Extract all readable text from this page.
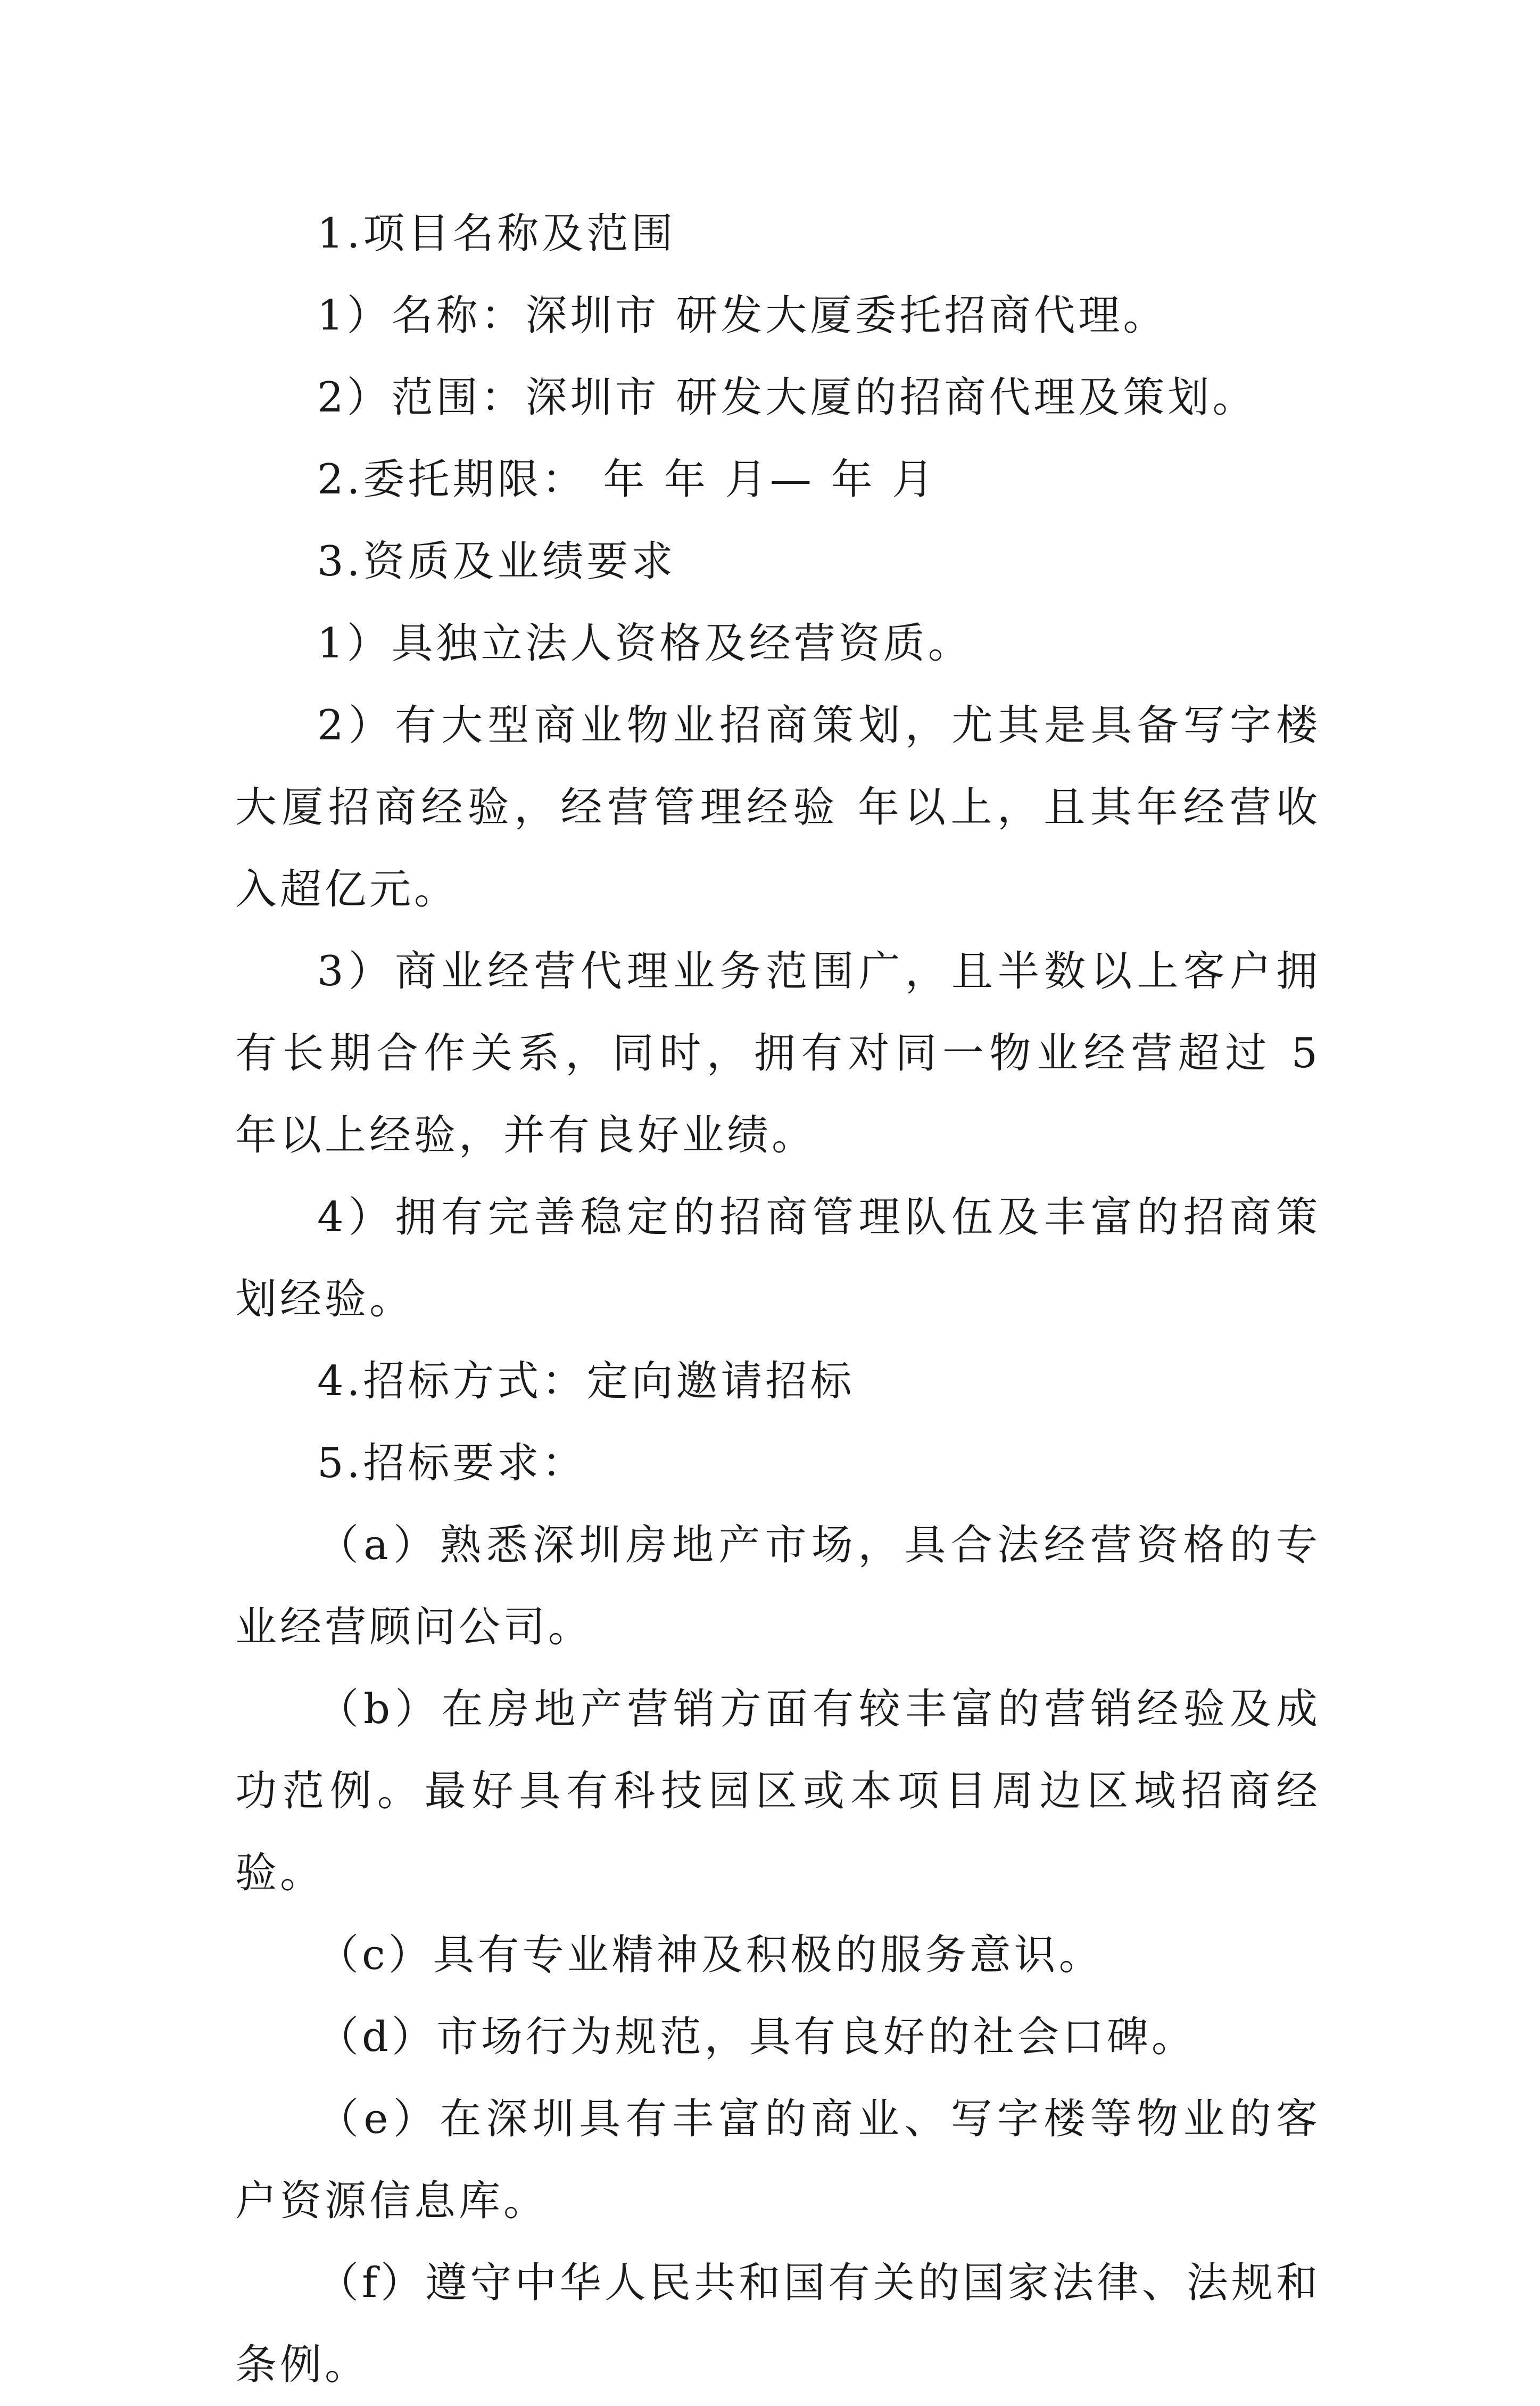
1.项目名称及范围

1）名称：深圳市 研发大厦委托招商代理。

2）范围：深圳市 研发大厦的招商代理及策划。

2.委托期限： 年 年 月— 年 月

3.资质及业绩要求

1）具独立法人资格及经营资质。

2）有大型商业物业招商策划，尤其是具备写字楼大厦招商经验，经营管理经验 年以上，且其年经营收入超亿元。

3）商业经营代理业务范围广，且半数以上客户拥有长期合作关系，同时，拥有对同一物业经营超过 5 年以上经验，并有良好业绩。

4）拥有完善稳定的招商管理队伍及丰富的招商策划经验。

4.招标方式：定向邀请招标

5.招标要求：

（a）熟悉深圳房地产市场，具合法经营资格的专业经营顾问公司。

（b）在房地产营销方面有较丰富的营销经验及成功范例。最好具有科技园区或本项目周边区域招商经验。

（c）具有专业精神及积极的服务意识。

（d）市场行为规范，具有良好的社会口碑。

（e）在深圳具有丰富的商业、写字楼等物业的客户资源信息库。

（f）遵守中华人民共和国有关的国家法律、法规和条例。
